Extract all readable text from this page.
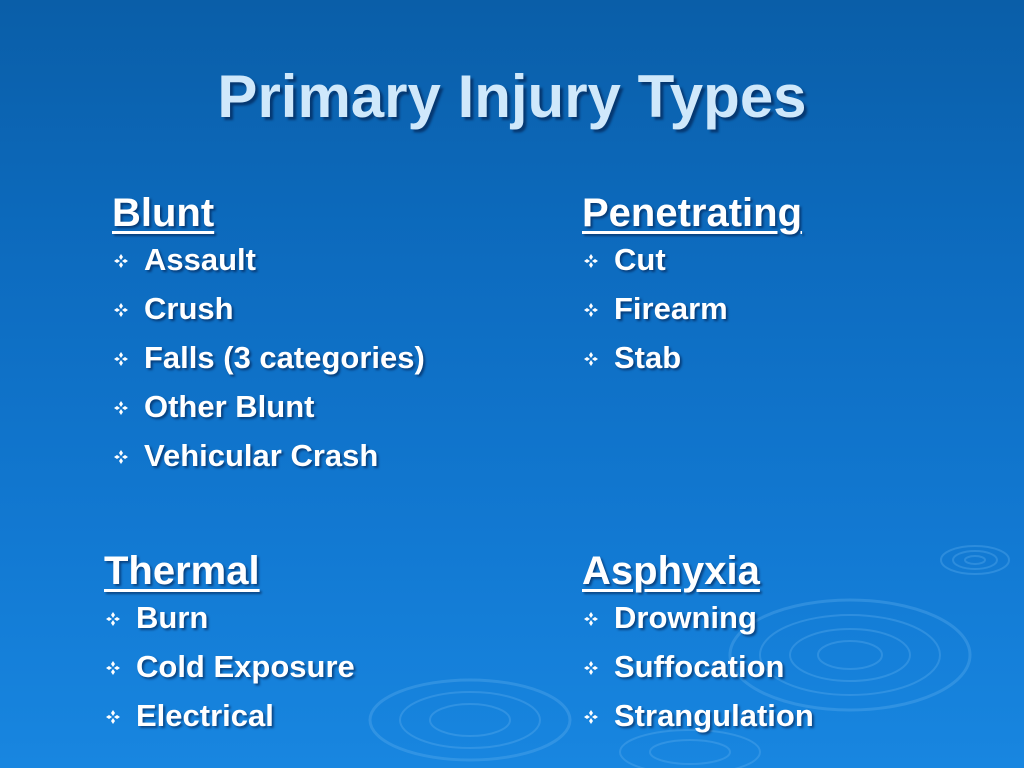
Primary Injury Types
Blunt
Assault
Crush
Falls (3 categories)
Other Blunt
Vehicular Crash
Penetrating
Cut
Firearm
Stab
Thermal
Burn
Cold Exposure
Electrical
Asphyxia
Drowning
Suffocation
Strangulation
